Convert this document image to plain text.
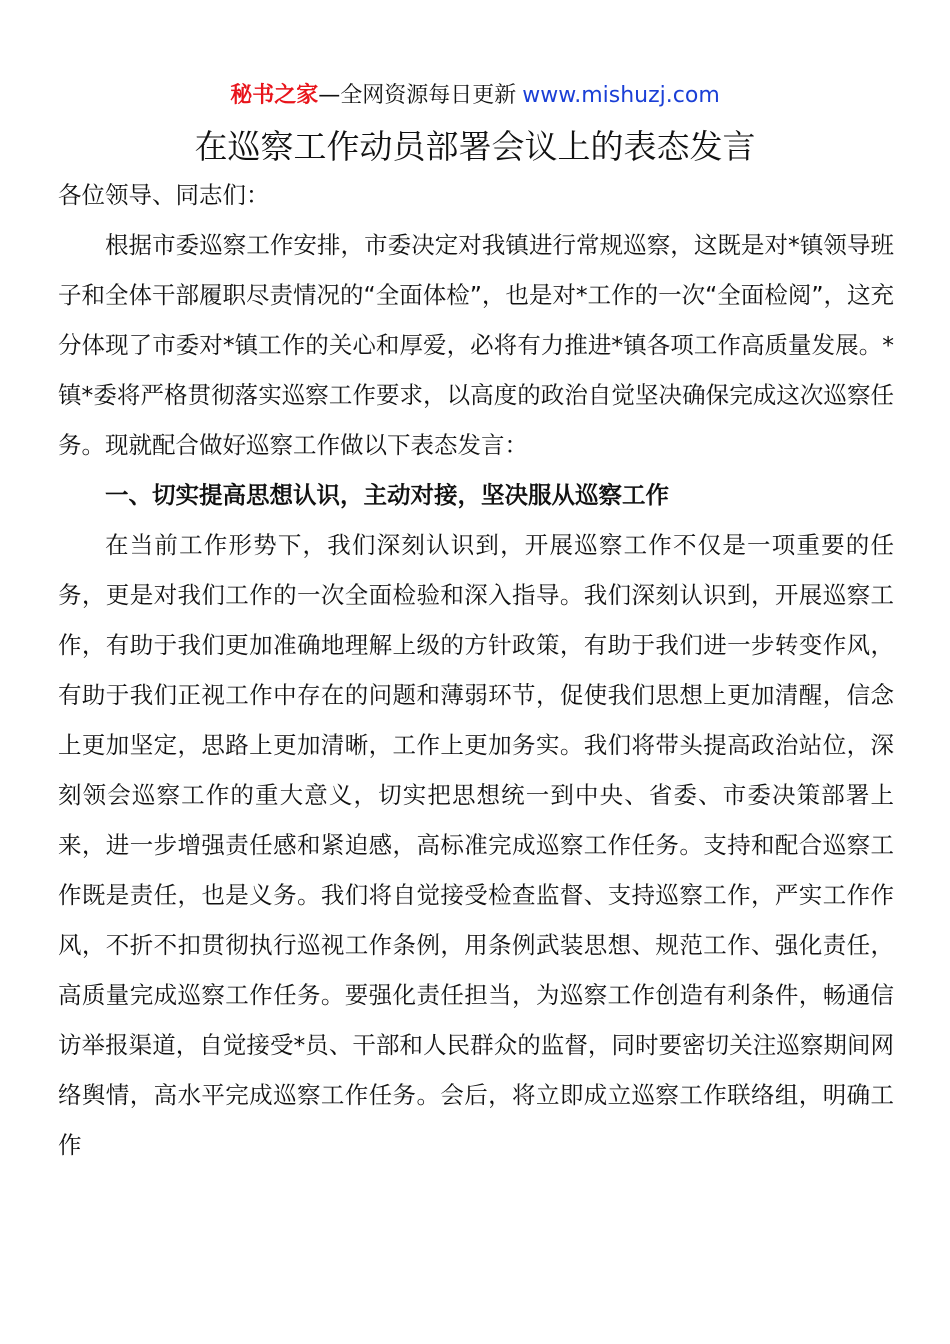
秘书之家—全网资源每日更新 www.mishuzj.com
在巡察工作动员部署会议上的表态发言

各位领导、同志们：

根据市委巡察工作安排，市委决定对我镇进行常规巡察，这既是对*镇领导班子和全体干部履职尽责情况的“全面体检”，也是对*工作的一次“全面检阅”，这充分体现了市委对*镇工作的关心和厚爱，必将有力推进*镇各项工作高质量发展。*镇*委将严格贯彻落实巡察工作要求，以高度的政治自觉坚决确保完成这次巡察任务。现就配合做好巡察工作做以下表态发言：

一、切实提高思想认识，主动对接，坚决服从巡察工作

在当前工作形势下，我们深刻认识到，开展巡察工作不仅是一项重要的任务，更是对我们工作的一次全面检验和深入指导。我们深刻认识到，开展巡察工作，有助于我们更加准确地理解上级的方针政策，有助于我们进一步转变作风，有助于我们正视工作中存在的问题和薄弱环节，促使我们思想上更加清醒，信念上更加坚定，思路上更加清晰，工作上更加务实。我们将带头提高政治站位，深刻领会巡察工作的重大意义，切实把思想统一到中央、省委、市委决策部署上来，进一步增强责任感和紧迫感，高标准完成巡察工作任务。支持和配合巡察工作既是责任，也是义务。我们将自觉接受检查监督、支持巡察工作，严实工作作风，不折不扣贯彻执行巡视工作条例，用条例武装思想、规范工作、强化责任，高质量完成巡察工作任务。要强化责任担当，为巡察工作创造有利条件，畅通信访举报渠道，自觉接受*员、干部和人民群众的监督，同时要密切关注巡察期间网络舆情，高水平完成巡察工作任务。会后，将立即成立巡察工作联络组，明确工作
